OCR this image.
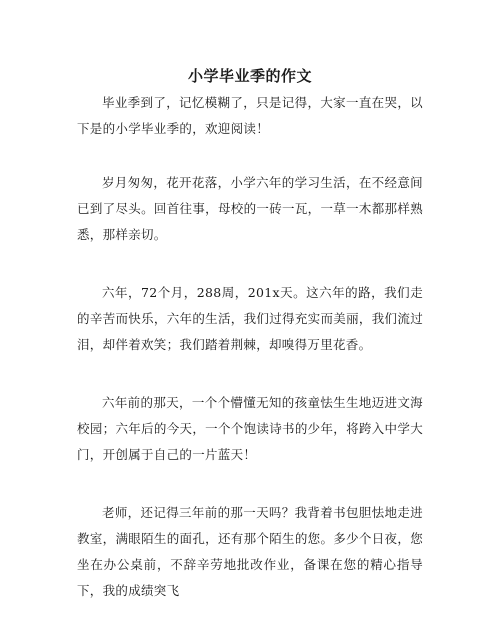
小学毕业季的作文

毕业季到了，记忆模糊了，只是记得，大家一直在哭，以下是的小学毕业季的，欢迎阅读！

岁月匆匆，花开花落，小学六年的学习生活，在不经意间已到了尽头。回首往事，母校的一砖一瓦，一草一木都那样熟悉，那样亲切。

六年，72个月，288周，201x天。这六年的路，我们走的辛苦而快乐，六年的生活，我们过得充实而美丽，我们流过泪，却伴着欢笑；我们踏着荆棘，却嗅得万里花香。

六年前的那天，一个个懵懂无知的孩童怯生生地迈进文海校园；六年后的今天，一个个饱读诗书的少年，将跨入中学大门，开创属于自己的一片蓝天！

老师，还记得三年前的那一天吗？我背着书包胆怯地走进教室，满眼陌生的面孔，还有那个陌生的您。多少个日夜，您坐在办公桌前，不辞辛劳地批改作业，备课在您的精心指导下，我的成绩突飞
